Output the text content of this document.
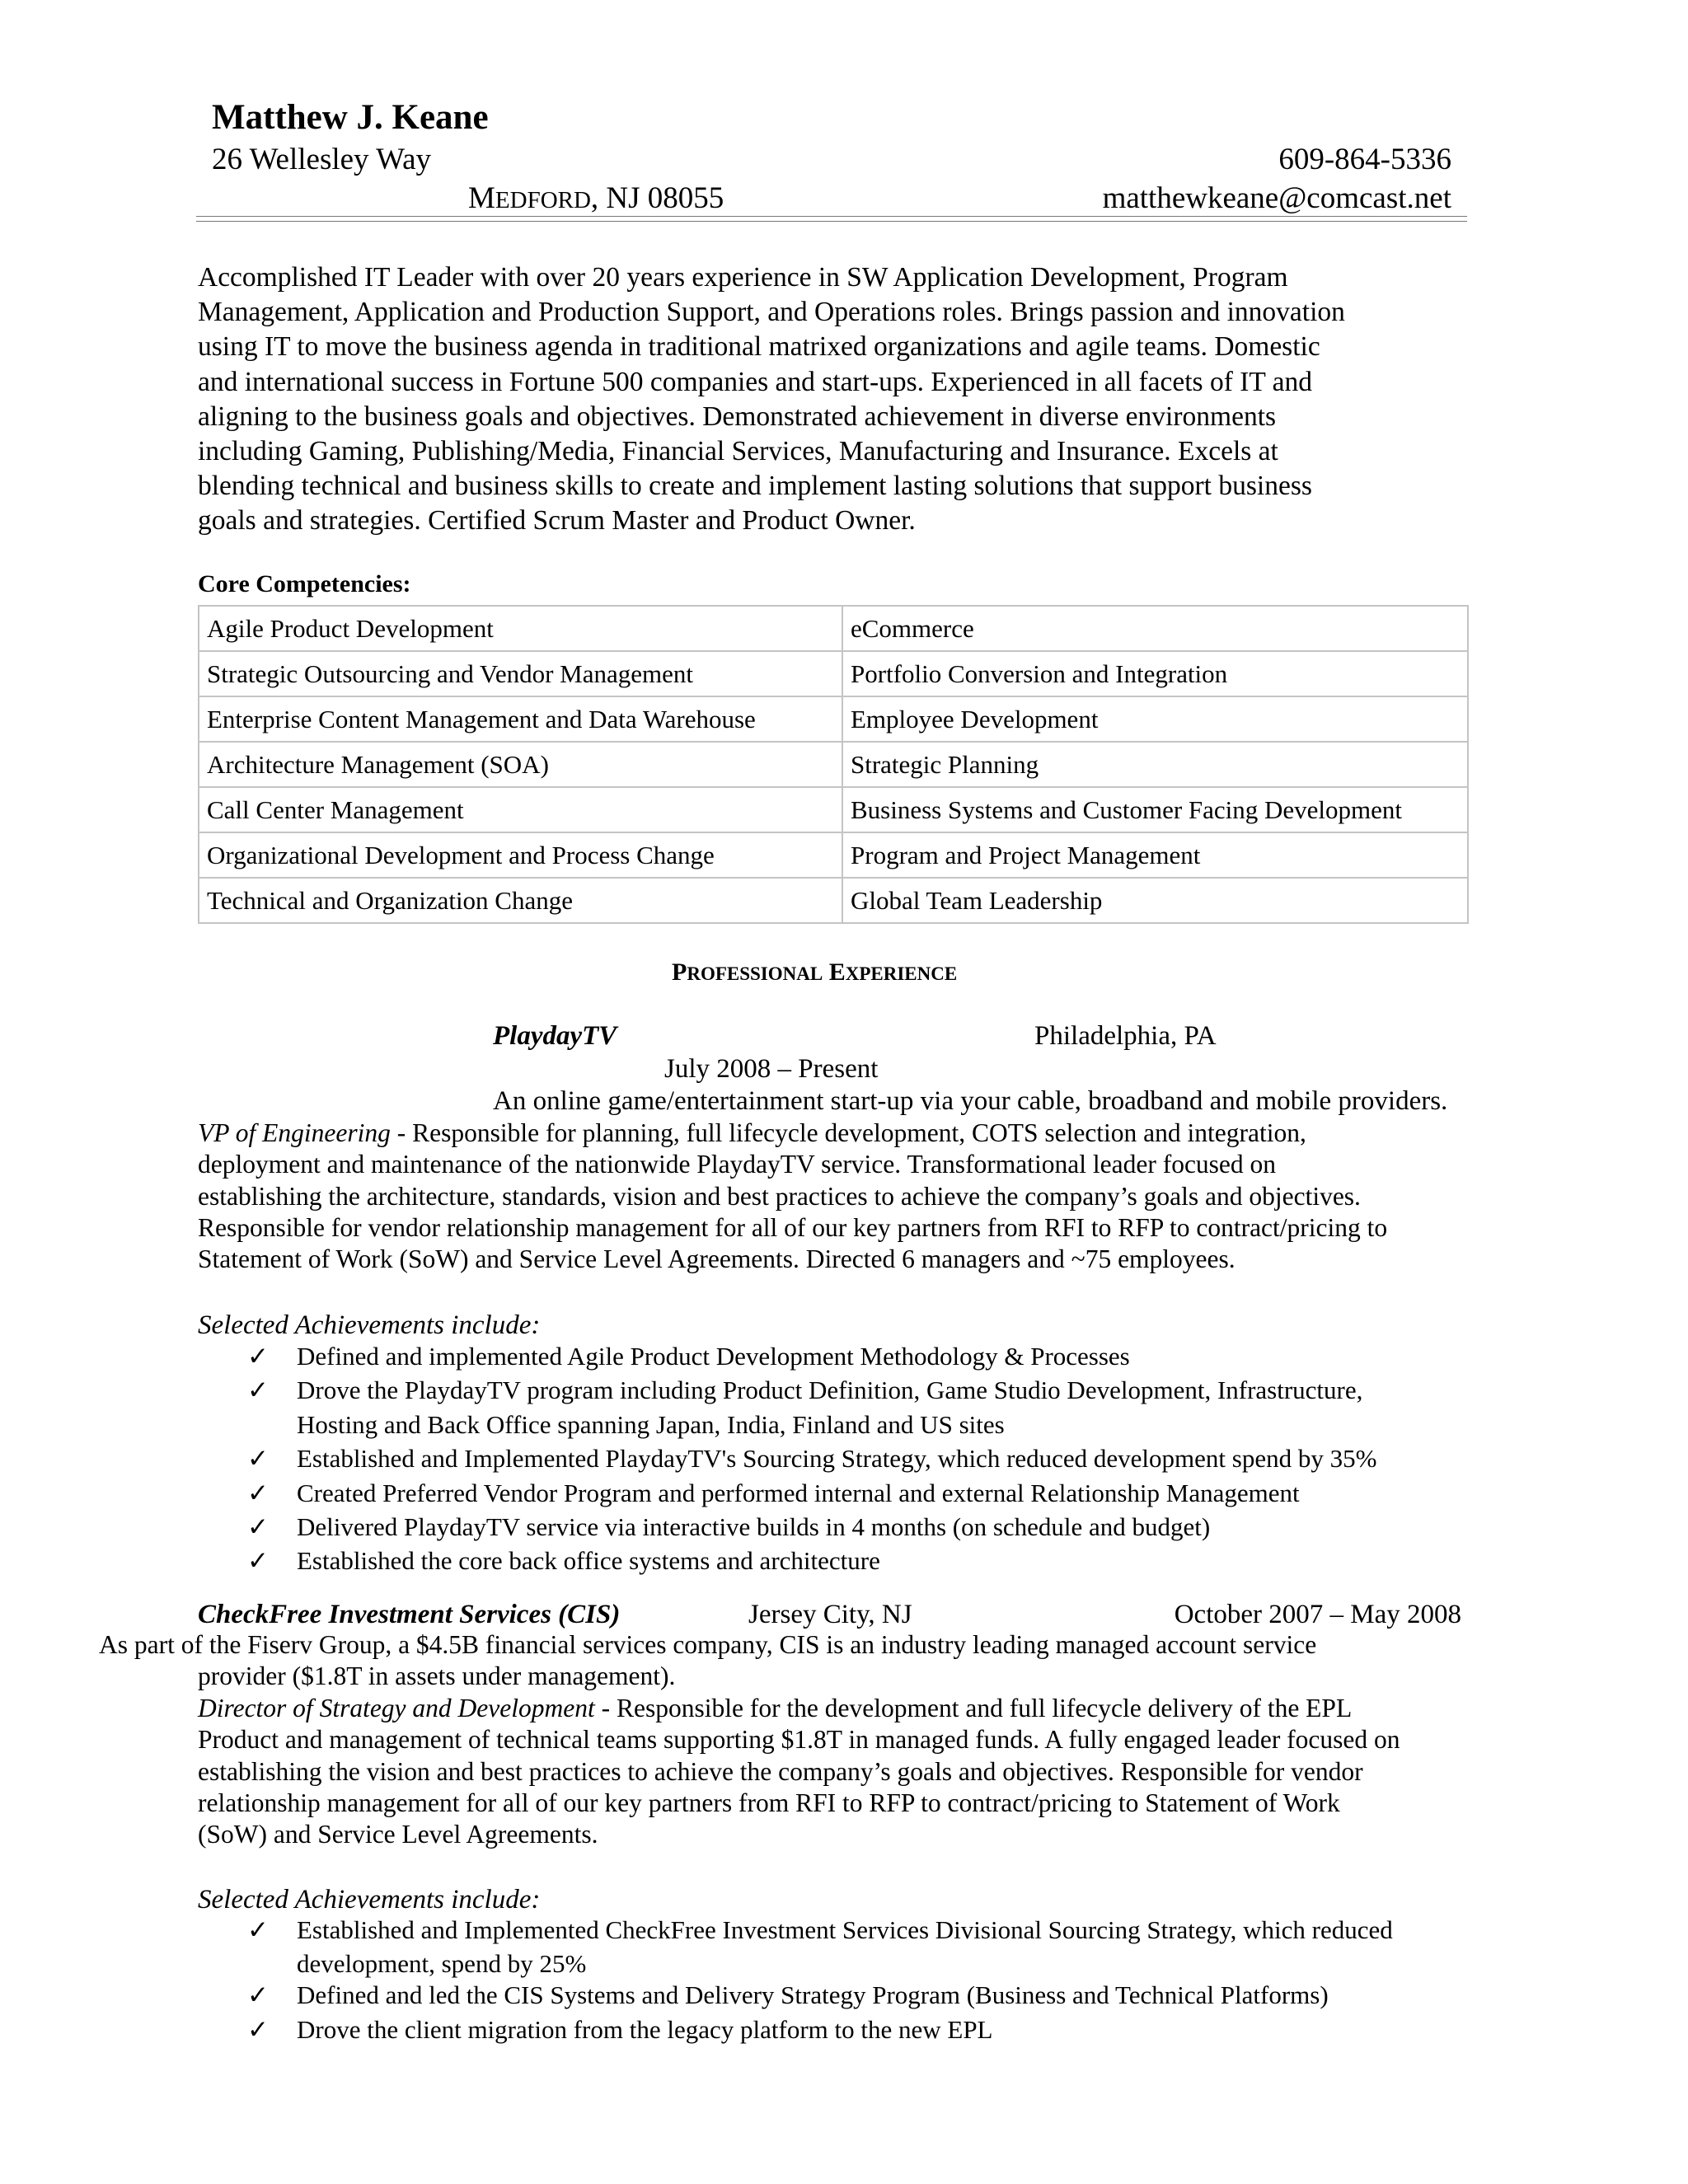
Matthew J. Keane
26 Wellesley Way	609-864-5336
MEDFORD, NJ 08055	matthewkeane@comcast.net
Accomplished IT Leader with over 20 years experience in SW Application Development, Program
Management, Application and Production Support, and Operations roles. Brings passion and innovation
using IT to move the business agenda in traditional matrixed organizations and agile teams. Domestic
and international success in Fortune 500 companies and start-ups. Experienced in all facets of IT and
aligning to the business goals and objectives. Demonstrated achievement in diverse environments
including Gaming, Publishing/Media, Financial Services, Manufacturing and Insurance. Excels at
blending technical and business skills to create and implement lasting solutions that support business
goals and strategies. Certified Scrum Master and Product Owner.
Core Competencies:
Agile Product Development	eCommerce
Strategic Outsourcing and Vendor Management	Portfolio Conversion and Integration
Enterprise Content Management and Data Warehouse	Employee Development
Architecture Management (SOA)	Strategic Planning
Call Center Management	Business Systems and Customer Facing Development
Organizational Development and Process Change	Program and Project Management
Technical and Organization Change	Global Team Leadership
PROFESSIONAL EXPERIENCE
PlaydayTV	Philadelphia, PA
July 2008 – Present
An online game/entertainment start-up via your cable, broadband and mobile providers.
VP of Engineering - Responsible for planning, full lifecycle development, COTS selection and integration,
deployment and maintenance of the nationwide PlaydayTV service. Transformational leader focused on
establishing the architecture, standards, vision and best practices to achieve the company’s goals and objectives.
Responsible for vendor relationship management for all of our key partners from RFI to RFP to contract/pricing to
Statement of Work (SoW) and Service Level Agreements. Directed 6 managers and ~75 employees.
Selected Achievements include:
✓ Defined and implemented Agile Product Development Methodology & Processes
✓ Drove the PlaydayTV program including Product Definition, Game Studio Development, Infrastructure,
Hosting and Back Office spanning Japan, India, Finland and US sites
✓ Established and Implemented PlaydayTV's Sourcing Strategy, which reduced development spend by 35%
✓ Created Preferred Vendor Program and performed internal and external Relationship Management
✓ Delivered PlaydayTV service via interactive builds in 4 months (on schedule and budget)
✓ Established the core back office systems and architecture
CheckFree Investment Services (CIS)	Jersey City, NJ	October 2007 – May 2008
As part of the Fiserv Group, a $4.5B financial services company, CIS is an industry leading managed account service
provider ($1.8T in assets under management).
Director of Strategy and Development - Responsible for the development and full lifecycle delivery of the EPL
Product and management of technical teams supporting $1.8T in managed funds. A fully engaged leader focused on
establishing the vision and best practices to achieve the company’s goals and objectives. Responsible for vendor
relationship management for all of our key partners from RFI to RFP to contract/pricing to Statement of Work
(SoW) and Service Level Agreements.
Selected Achievements include:
✓ Established and Implemented CheckFree Investment Services Divisional Sourcing Strategy, which reduced
development, spend by 25%
✓ Defined and led the CIS Systems and Delivery Strategy Program (Business and Technical Platforms)
✓ Drove the client migration from the legacy platform to the new EPL
